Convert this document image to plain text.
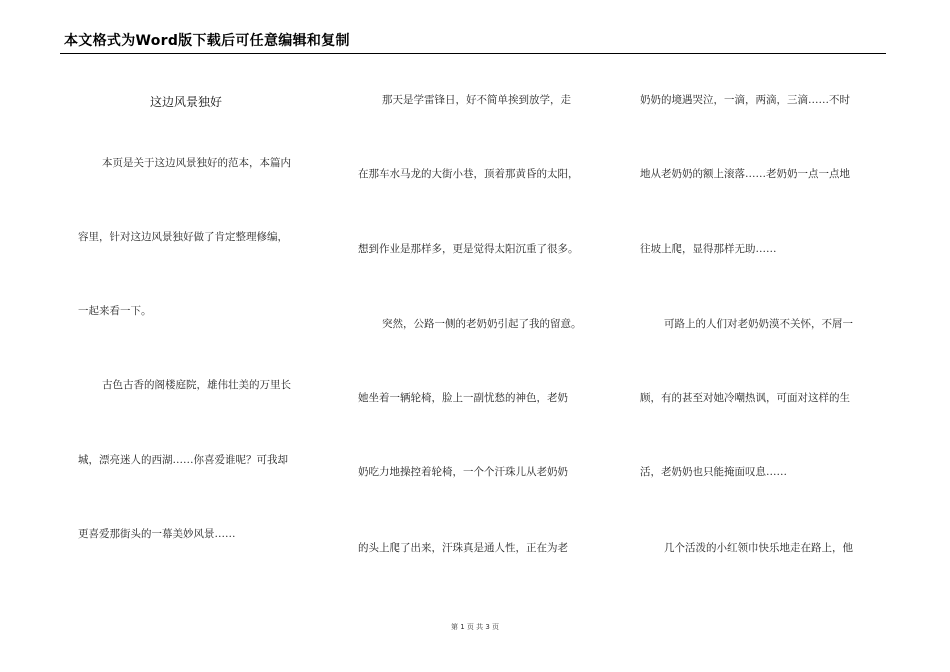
本文格式为Word版下载后可任意编辑和复制
这边风景独好
本页是关于这边风景独好的范本，本篇内
容里，针对这边风景独好做了肯定整理修编，
一起来看一下。
古色古香的阁楼庭院，雄伟壮美的万里长
城，漂亮迷人的西湖……你喜爱谁呢？可我却
更喜爱那街头的一幕美妙风景……
那天是学雷锋日，好不简单挨到放学，走
在那车水马龙的大街小巷，顶着那黄昏的太阳，
想到作业是那样多，更是觉得太阳沉重了很多。
突然，公路一侧的老奶奶引起了我的留意。
她坐着一辆轮椅，脸上一副忧愁的神色，老奶
奶吃力地操控着轮椅，一个个汗珠儿从老奶奶
的头上爬了出来，汗珠真是通人性，正在为老
奶奶的境遇哭泣，一滴，两滴，三滴……不时
地从老奶奶的额上滚落……老奶奶一点一点地
往坡上爬，显得那样无助……
可路上的人们对老奶奶漠不关怀，不屑一
顾，有的甚至对她冷嘲热讽，可面对这样的生
活，老奶奶也只能掩面叹息……
几个活泼的小红领巾快乐地走在路上，他
第 1 页 共 3 页
